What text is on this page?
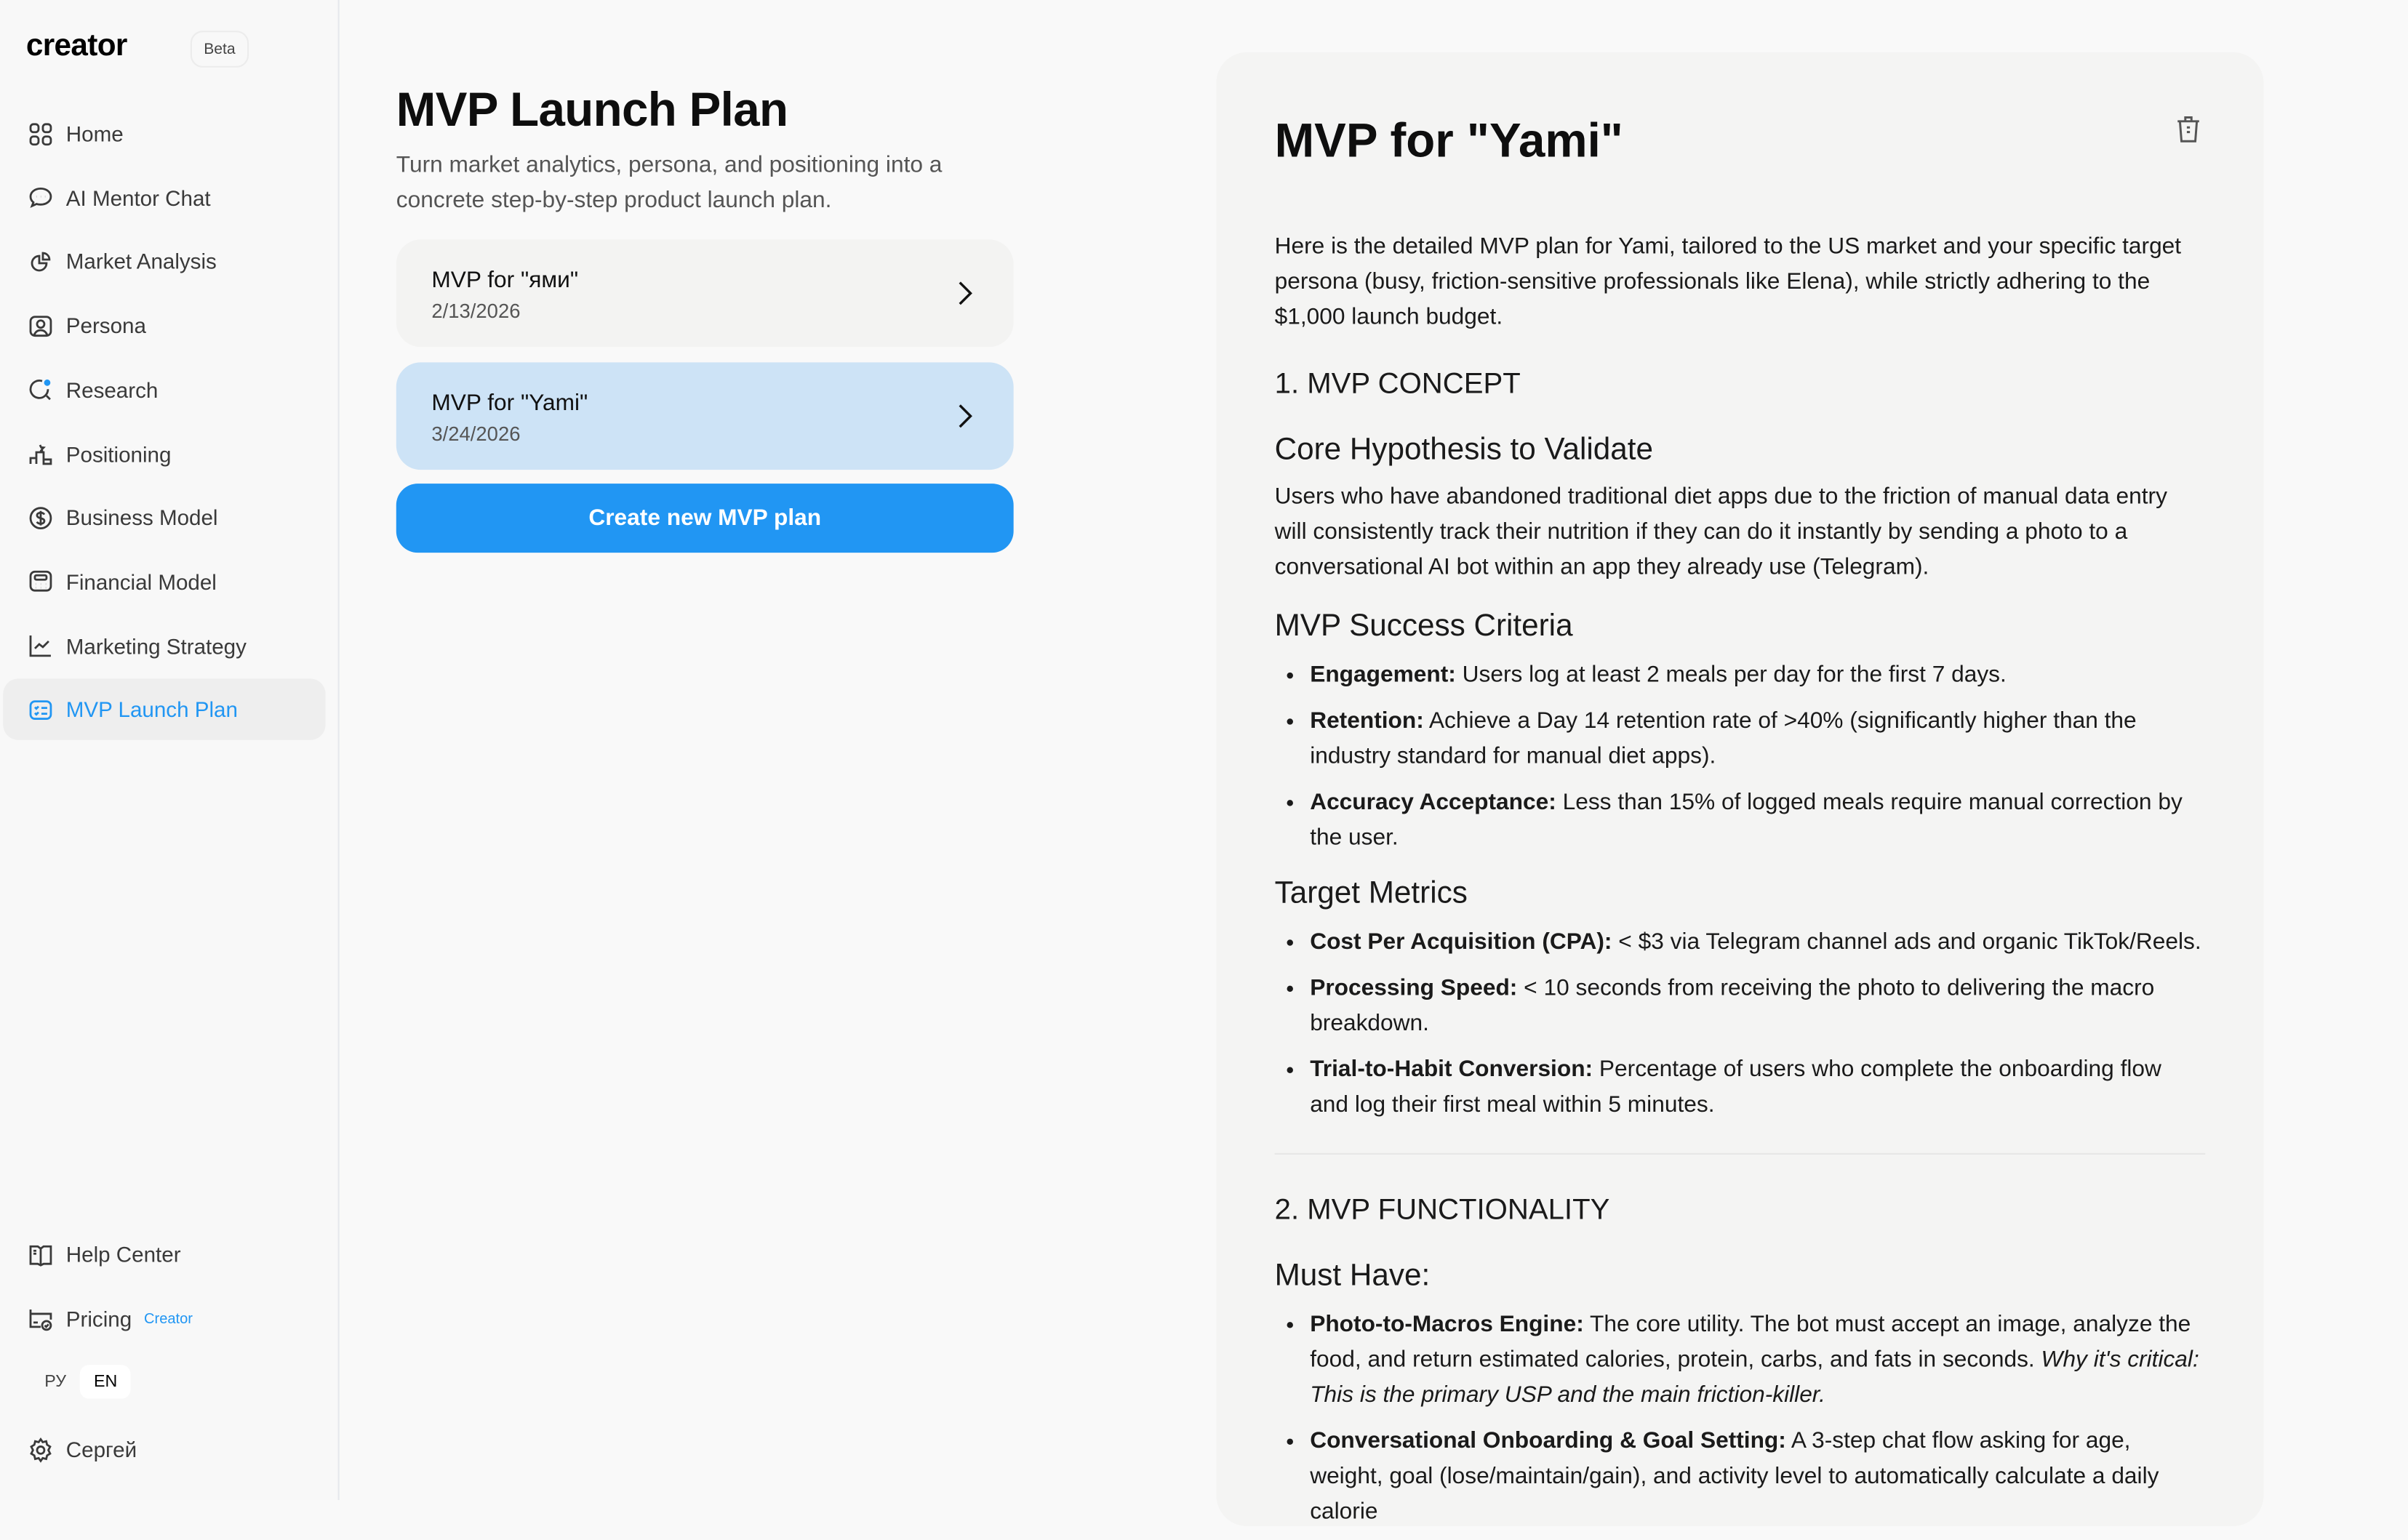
creator	Beta
Home
AI Mentor Chat
Market Analysis
Persona
Research
Positioning
Business Model
Financial Model
Marketing Strategy
MVP Launch Plan
Help Center
Pricing Creator
РУ	EN
Сергей
MVP Launch Plan
Turn market analytics, persona, and positioning into a concrete step-by-step product launch plan.
MVP for "ями"
2/13/2026
MVP for "Yami"
3/24/2026
Create new MVP plan
MVP for "Yami"

Here is the detailed MVP plan for Yami, tailored to the US market and your specific target persona (busy, friction-sensitive professionals like Elena), while strictly adhering to the $1,000 launch budget.

1. MVP CONCEPT
Core Hypothesis to Validate

Users who have abandoned traditional diet apps due to the friction of manual data entry will consistently track their nutrition if they can do it instantly by sending a photo to a conversational AI bot within an app they already use (Telegram).

MVP Success Criteria
• Engagement: Users log at least 2 meals per day for the first 7 days.
• Retention: Achieve a Day 14 retention rate of >40% (significantly higher than the industry standard for manual diet apps).
• Accuracy Acceptance: Less than 15% of logged meals require manual correction by the user.
Target Metrics
• Cost Per Acquisition (CPA): < $3 via Telegram channel ads and organic TikTok/Reels.
• Processing Speed: < 10 seconds from receiving the photo to delivering the macro breakdown.
• Trial-to-Habit Conversion: Percentage of users who complete the onboarding flow and log their first meal within 5 minutes.
2. MVP FUNCTIONALITY
Must Have:
• Photo-to-Macros Engine: The core utility. The bot must accept an image, analyze the food, and return estimated calories, protein, carbs, and fats in seconds. Why it's critical: This is the primary USP and the main friction-killer.
• Conversational Onboarding & Goal Setting: A 3-step chat flow asking for age, weight, goal (lose/maintain/gain), and activity level to automatically calculate a daily calorie
